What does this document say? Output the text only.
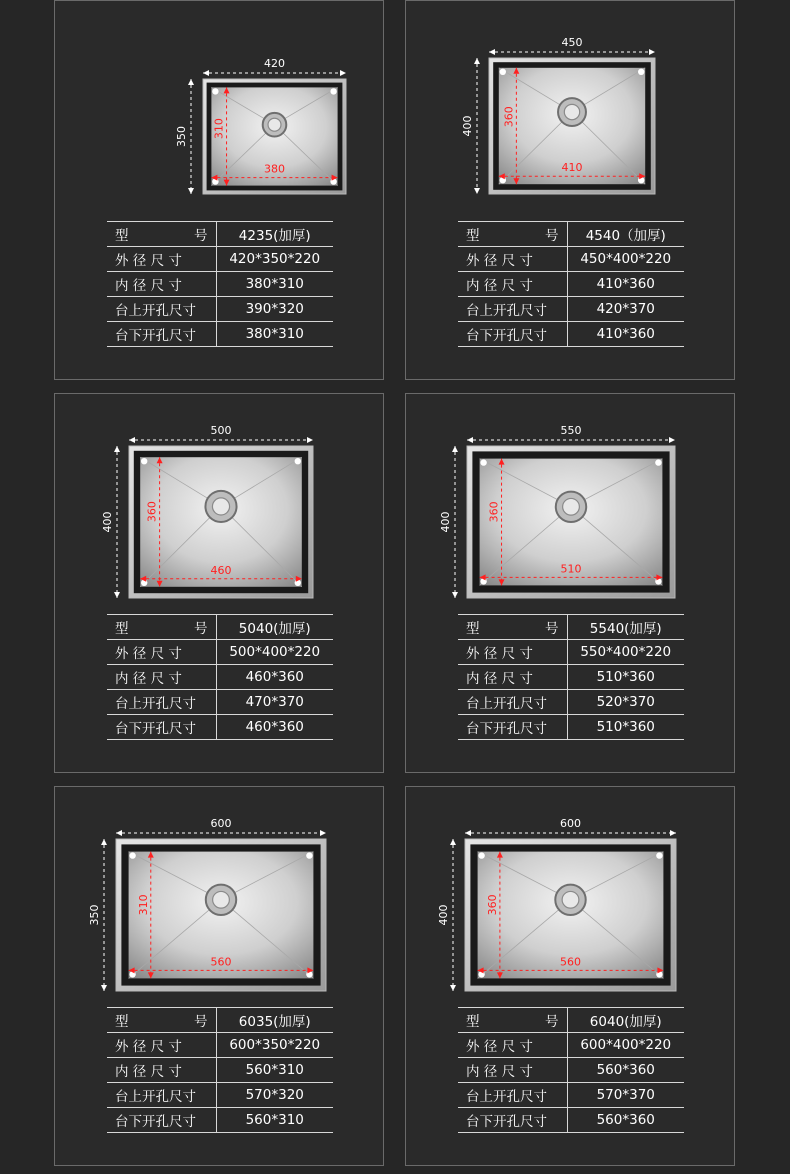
420
350 310
380
型 号	4235(加厚)
外 径 尺 寸	420*350*220
内 径 尺 寸	380*310
台上开孔尺寸	390*320
台下开孔尺寸	380*310
450
400	360
410
型 号	4540（加厚)
外 径 尺 寸	450*400*220
内 径 尺 寸	410*360
台上开孔尺寸	420*370
台下开孔尺寸	410*360
500
400	360
460
型 号	5040(加厚)
外 径 尺 寸	500*400*220
内 径 尺 寸	460*360
台上开孔尺寸	470*370
台下开孔尺寸	460*360
550
400	360
510
型 号	5540(加厚)
外 径 尺 寸	550*400*220
内 径 尺 寸	510*360
台上开孔尺寸	520*370
台下开孔尺寸	510*360
600
350	310
560
型 号	6035(加厚)
外 径 尺 寸	600*350*220
内 径 尺 寸	560*310
台上开孔尺寸	570*320
台下开孔尺寸	560*310
600
400	360
560
型 号	6040(加厚)
外 径 尺 寸	600*400*220
内 径 尺 寸	560*360
台上开孔尺寸	570*370
台下开孔尺寸	560*360
